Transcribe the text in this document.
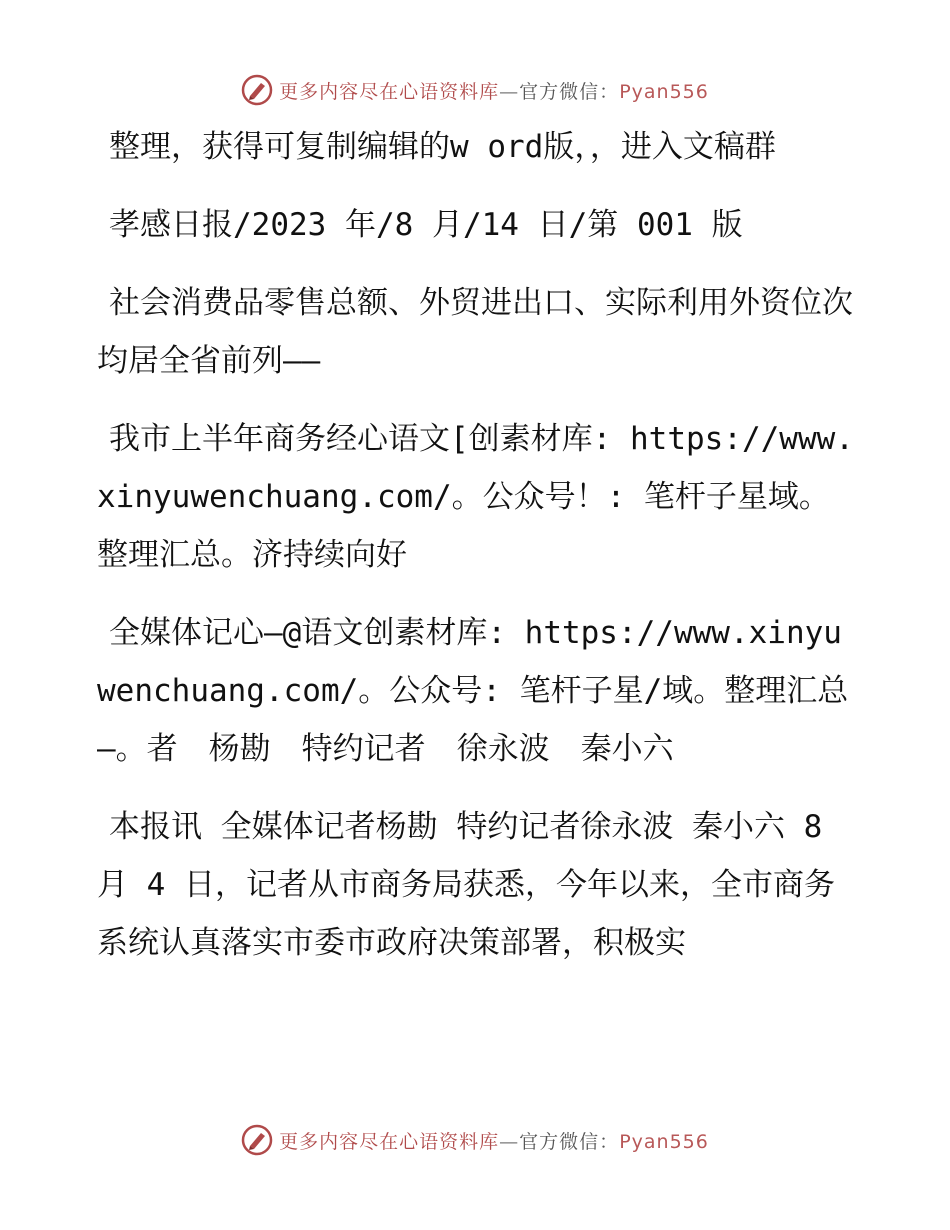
更多内容尽在心语资料库—官方微信：Pyan556

整理，获得可复制编辑的w ord版，，进入文稿群

孝感日报/2023 年/8 月/14 日/第 001 版

社会消费品零售总额、外贸进出口、实际利用外资位次均居全省前列——

我市上半年商务经心语文[创素材库: https://www.xinyuwenchuang.com/。公众号！: 笔杆子星域。整理汇总。济持续向好

全媒体记心—@语文创素材库: https://www.xinyuwenchuang.com/。公众号: 笔杆子星/域。整理汇总—。者　杨勘　特约记者　徐永波　秦小六

本报讯 全媒体记者杨勘 特约记者徐永波 秦小六 8 月 4 日，记者从市商务局获悉，今年以来，全市商务系统认真落实市委市政府决策部署，积极实

更多内容尽在心语资料库—官方微信：Pyan556
